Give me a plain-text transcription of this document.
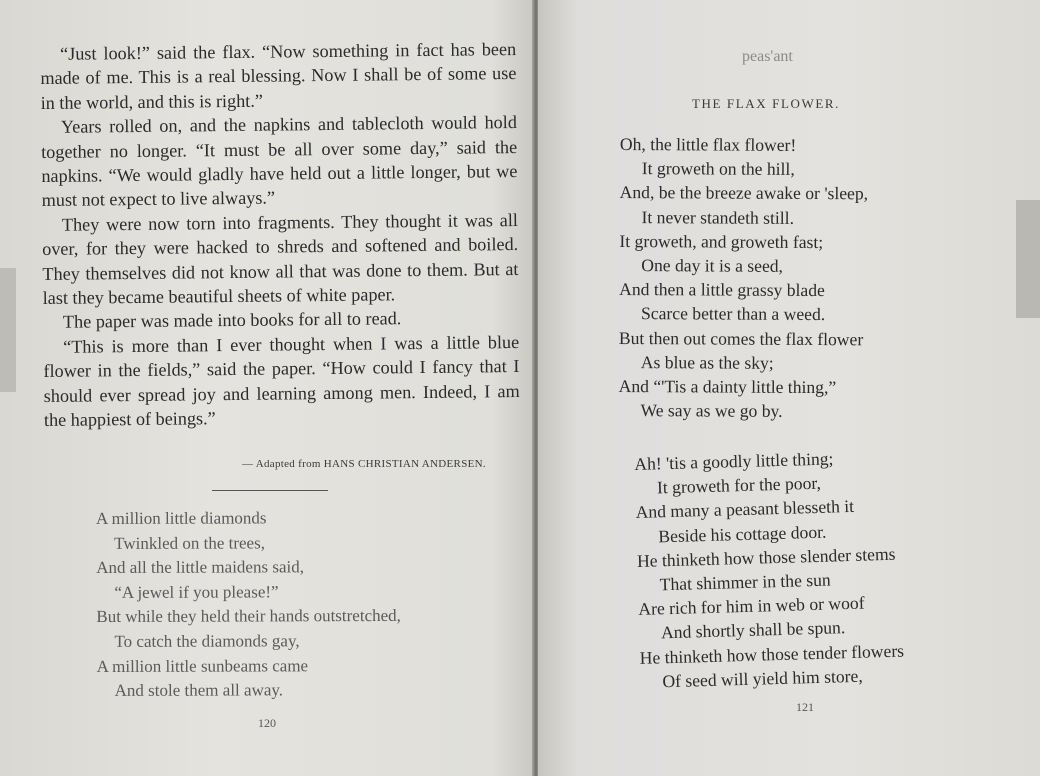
“Just look!” said the flax. “Now something in fact has been made of me. This is a real blessing. Now I shall be of some use in the world, and this is right.”

Years rolled on, and the napkins and tablecloth would hold together no longer. “It must be all over some day,” said the napkins. “We would gladly have held out a little longer, but we must not expect to live always.”

They were now torn into fragments. They thought it was all over, for they were hacked to shreds and softened and boiled. They themselves did not know all that was done to them. But at last they became beautiful sheets of white paper.

The paper was made into books for all to read.

“This is more than I ever thought when I was a little blue flower in the fields,” said the paper. “How could I fancy that I should ever spread joy and learning among men. Indeed, I am the happiest of beings.”

— Adapted from HANS CHRISTIAN ANDERSEN.
A million little diamonds
Twinkled on the trees,
And all the little maidens said,
“A jewel if you please!”
But while they held their hands outstretched,
To catch the diamonds gay,
A million little sunbeams came
And stole them all away.
120
peas'ant
THE FLAX FLOWER.
Oh, the little flax flower!
It groweth on the hill,
And, be the breeze awake or 'sleep,
It never standeth still.
It groweth, and groweth fast;
One day it is a seed,
And then a little grassy blade
Scarce better than a weed.
But then out comes the flax flower
As blue as the sky;
And “'Tis a dainty little thing,”
We say as we go by.
Ah! 'tis a goodly little thing;
It groweth for the poor,
And many a peasant blesseth it
Beside his cottage door.
He thinketh how those slender stems
That shimmer in the sun
Are rich for him in web or woof
And shortly shall be spun.
He thinketh how those tender flowers
Of seed will yield him store,
121
